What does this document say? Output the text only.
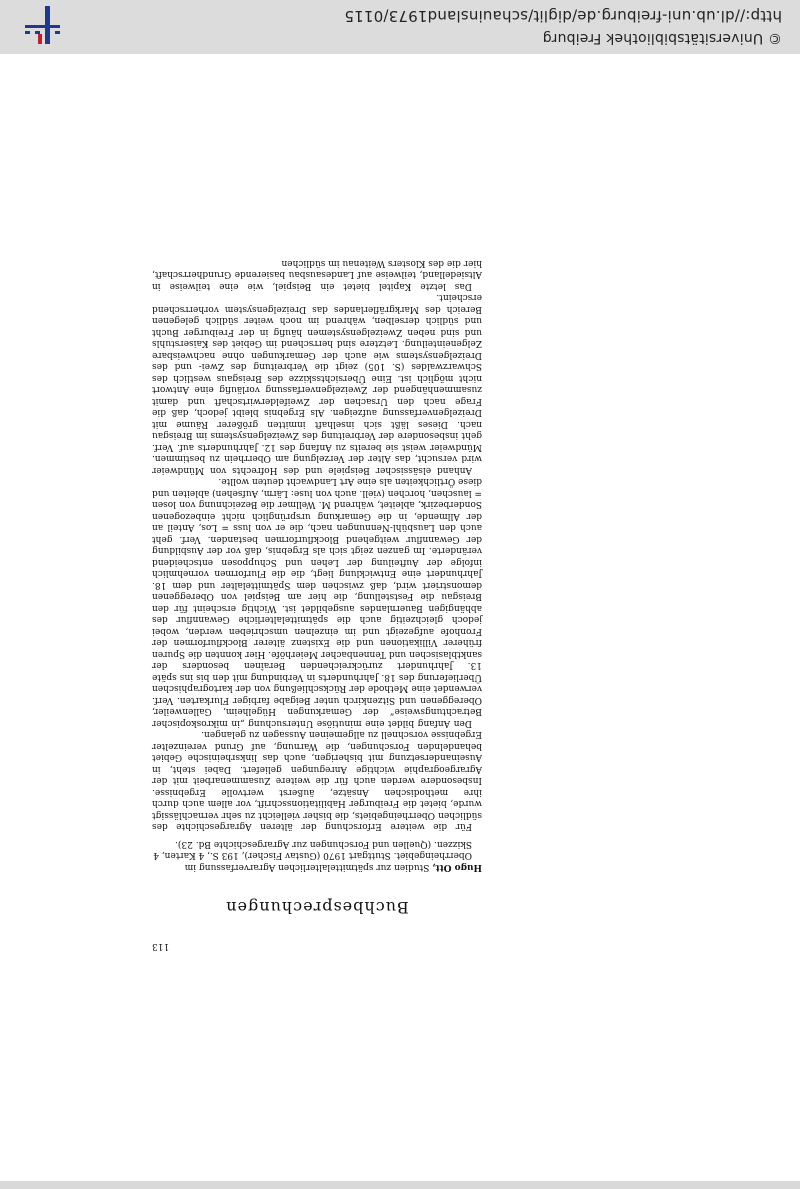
113
Buchbesprechungen

Hugo Ott, Studien zur spätmittelalterlichen Agrarverfassung im Oberrheingebiet. Stuttgart 1970 (Gustav Fischer), 193 S., 4 Karten, 4 Skizzen. (Quellen und Forschungen zur Agrargeschichte Bd. 23).

Für die weitere Erforschung der älteren Agrargeschichte des südlichen Oberrheingebiets, die bisher vielleicht zu sehr vernachlässigt wurde, bietet die Freiburger Habilitationsschrift, vor allem auch durch ihre methodischen Ansätze, äußerst wertvolle Ergebnisse. Insbesondere werden auch für die weitere Zusammenarbeit mit der Agrargeographie wichtige Anregungen geliefert. Dabei steht, in Auseinandersetzung mit bisherigen, auch das linksrheinische Gebiet behandelnden Forschungen, die Warnung, auf Grund vereinzelter Ergebnisse vorschnell zu allgemeinen Aussagen zu gelangen.

Den Anfang bildet eine minutiöse Untersuchung „in mikroskopischer Betrachtungsweise“ der Gemarkungen Hügelheim, Gallenweiler, Obereggenen und Sitzenkirch unter Beigabe farbiger Flurkarten. Verf. verwendet eine Methode der Rückschließung von der kartographischen Überlieferung des 18. Jahrhunderts in Verbindung mit den bis ins späte 13. Jahrhundert zurückreichenden Beraînen besonders der sanktblasischen und Tennenbacher Meierhöfe. Hier konnten die Spuren früherer Villikationen und die Existenz älterer Blockflurformen der Fronhofe aufgezeigt und im einzelnen umschrieben werden, wobei jedoch gleichzeitig auch die spätmittelalterliche Gewannflur des abhängigen Bauernlandes ausgebildet ist. Wichtig erscheint für den Breisgau die Feststellung, die hier am Beispiel von Obereggenen demonstriert wird, daß zwischen dem Spätmittelalter und dem 18. Jahrhundert eine Entwicklung liegt, die die Flurformen vornehmlich infolge der Aufteilung der Lehen und Schupposen entscheidend veränderte. Im ganzen zeigt sich als Ergebnis, daß vor der Ausbildung der Gewannflur weitgehend Blockflurformen bestanden. Verf. geht auch den Lausbühl-Nennungen nach, die er von luss = Los, Anteil an der Allmende, in die Gemarkung ursprünglich nicht einbezogenen Sonderbezirk, ableitet, während M. Wellmer die Bezeichnung von losen = lauschen, horchen (viell. auch von luse: Lärm, Aufsehen) ableiten und diese Örtlichkeiten als eine Art Landwacht deuten wollte.

Anhand elsässischer Beispiele und des Hofrechts von Mündweier wird versucht, das Alter der Verzelgung am Oberrhein zu bestimmen. Mündweier weist sie bereits zu Anfang des 12. Jahrhunderts auf. Verf. geht insbesondere der Verbreitung des Zweizelgensystems im Breisgau nach. Dieses läßt sich inselhaft inmitten größerer Räume mit Dreizelgenverfassung aufzeigen. Als Ergebnis bleibt jedoch, daß die Frage nach den Ursachen der Zweifelderwirtschaft und damit zusammenhängend der Zweizelgenverfassung vorläufig eine Antwort nicht möglich ist. Eine Übersichtsskizze des Breisgaus westlich des Schwarzwaldes (S. 105) zeigt die Verbreitung des Zwei- und des Dreizelgensystems wie auch der Gemarkungen ohne nachweisbare Zelgeneinteilung. Letztere sind herrschend im Gebiet des Kaiserstuhls und sind neben Zweizelgensystemen häufig in der Freiburger Bucht und südlich derselben, während im noch weiter südlich gelegenen Bereich des Markgräflerlandes das Dreizelgensystem vorherrschend erscheint.

Das letzte Kapitel bietet ein Beispiel, wie eine teilweise in Altsiedelland, teilweise auf Landesausbau basierende Grundherrschaft, hier die des Klosters Weitenau im südlichen

© Universitätsbibliothek Freiburg
http://dl.ub.uni-freiburg.de/diglit/schauinsland1973/0115
